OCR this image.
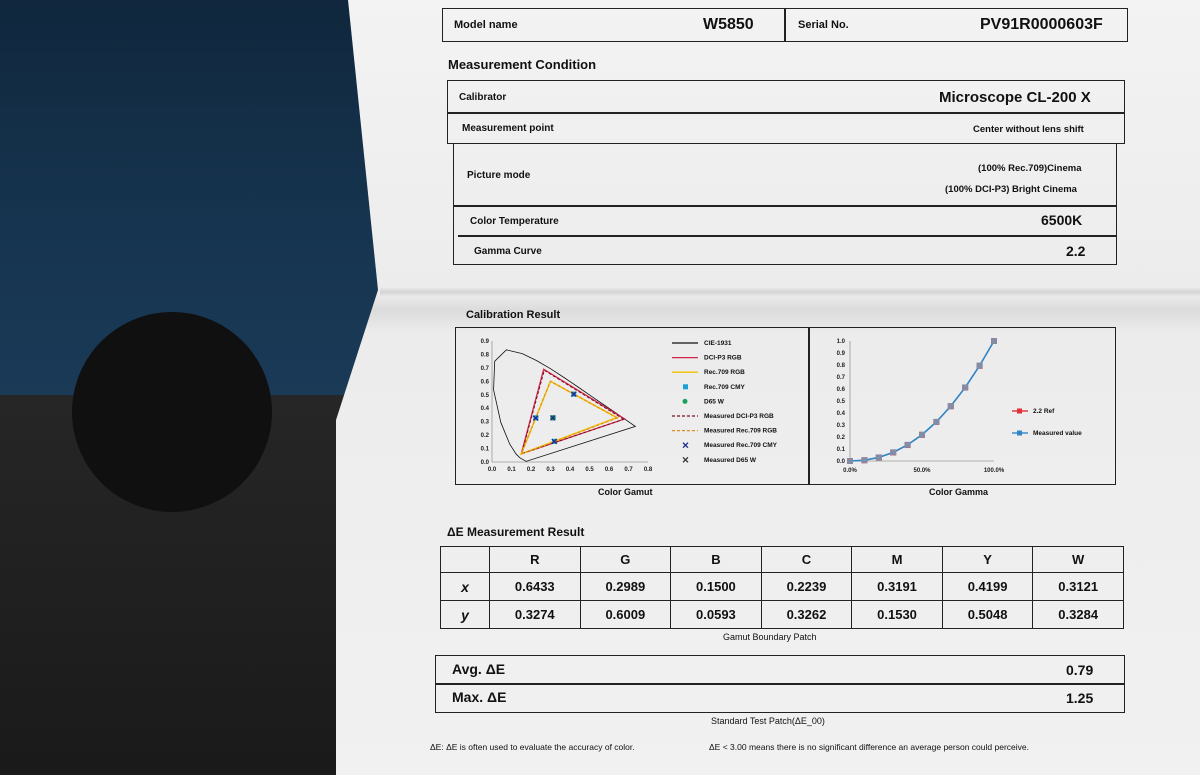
Model name	W5850	Serial No.	PV91R0000603F
Measurement Condition
Calibrator	Microscope CL-200 X
Measurement point	Center without lens shift
Picture mode
(100% Rec.709)Cinema
(100% DCI-P3) Bright Cinema
Color Temperature	6500K
Gamma Curve	2.2
Calibration Result
Color Gamut	Color Gamma
0.0 0.1 0.2 0.3 0.4 0.5 0.6 0.7 0.8
0.0
0.1
0.2
0.3
0.4
0.5
0.6
0.7
0.8
0.9	CIE-1931
DCI-P3 RGB
Rec.709 RGB
Rec.709 CMY
D65 W
Measured DCI-P3 RGB
Measured Rec.709 RGB
Measured Rec.709 CMY
Measured D65 W	0.0
0.1
0.2
0.3
0.4
0.5
0.6
0.7
0.8
0.9
1.0
0.0%	50.0%	100.0%
2.2 Ref
Measured value
ΔE Measurement Result
	R	G	B	C	M	Y	W
x	0.6433	0.2989	0.1500	0.2239	0.3191	0.4199	0.3121
y	0.3274	0.6009	0.0593	0.3262	0.1530	0.5048	0.3284
Gamut Boundary Patch
Avg. ΔE	0.79
Max. ΔE	1.25
Standard Test Patch(ΔE_00)
ΔE: ΔE is often used to evaluate the accuracy of color.	ΔE < 3.00 means there is no significant difference an average person could perceive.
